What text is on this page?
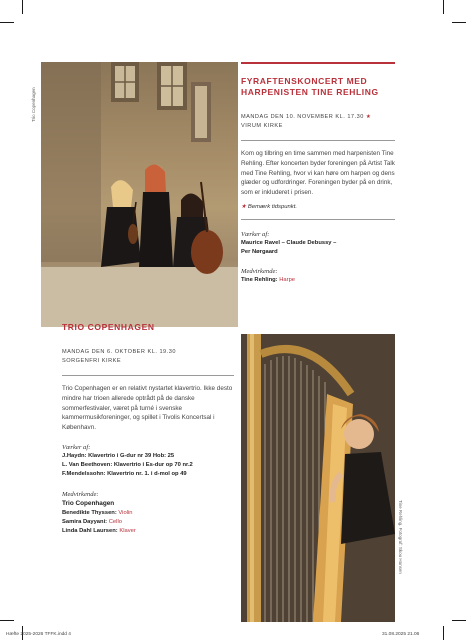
Trio Copenhagen
FYRAFTENSKONCERT MED HARPENISTEN TINE REHLING
MANDAG DEN 10. NOVEMBER KL. 17.30 ★
VIRUM KIRKE
Kom og tilbring en time sammen med harpenisten Tine Rehling. Efter koncerten byder foreningen på Artist Talk med Tine Rehling, hvor vi kan høre om harpen og dens glæder og udfordringer. Foreningen byder på en drink, som er inkluderet i prisen.
★ Bemærk tidspunkt.
Værker af:
Maurice Ravel – Claude Debussy –
Per Nørgaard
Medvirkende:
Tine Rehling: Harpe
TRIO COPENHAGEN
MANDAG DEN 6. OKTOBER KL. 19.30
SORGENFRI KIRKE
Trio Copenhagen er en relativt nystartet klavertrio. Ikke desto mindre har trioen allerede optrådt på de danske sommerfestivaler, været på turné i svenske kammermusikforeninger, og spillet i Tivolis Koncertsal i København.
Værker af:
J.Haydn: Klavertrio i G-dur nr 39 Hob: 25
L. Van Beethoven: Klavertrio i Es-dur op 70 nr.2
F.Mendelssohn: Klavertrio nr. 1. i d-mol op 49
Medvirkende:
Trio Copenhagen
Benedikte Thyssen: Violin
Samira Dayyani: Cello
Linda Dahl Laursen: Klaver	Tine Rehling. Fotograf: Skou Hansen
Hæfte 2025-2026 TFFK.indd 4	31.08.2025 21.06
